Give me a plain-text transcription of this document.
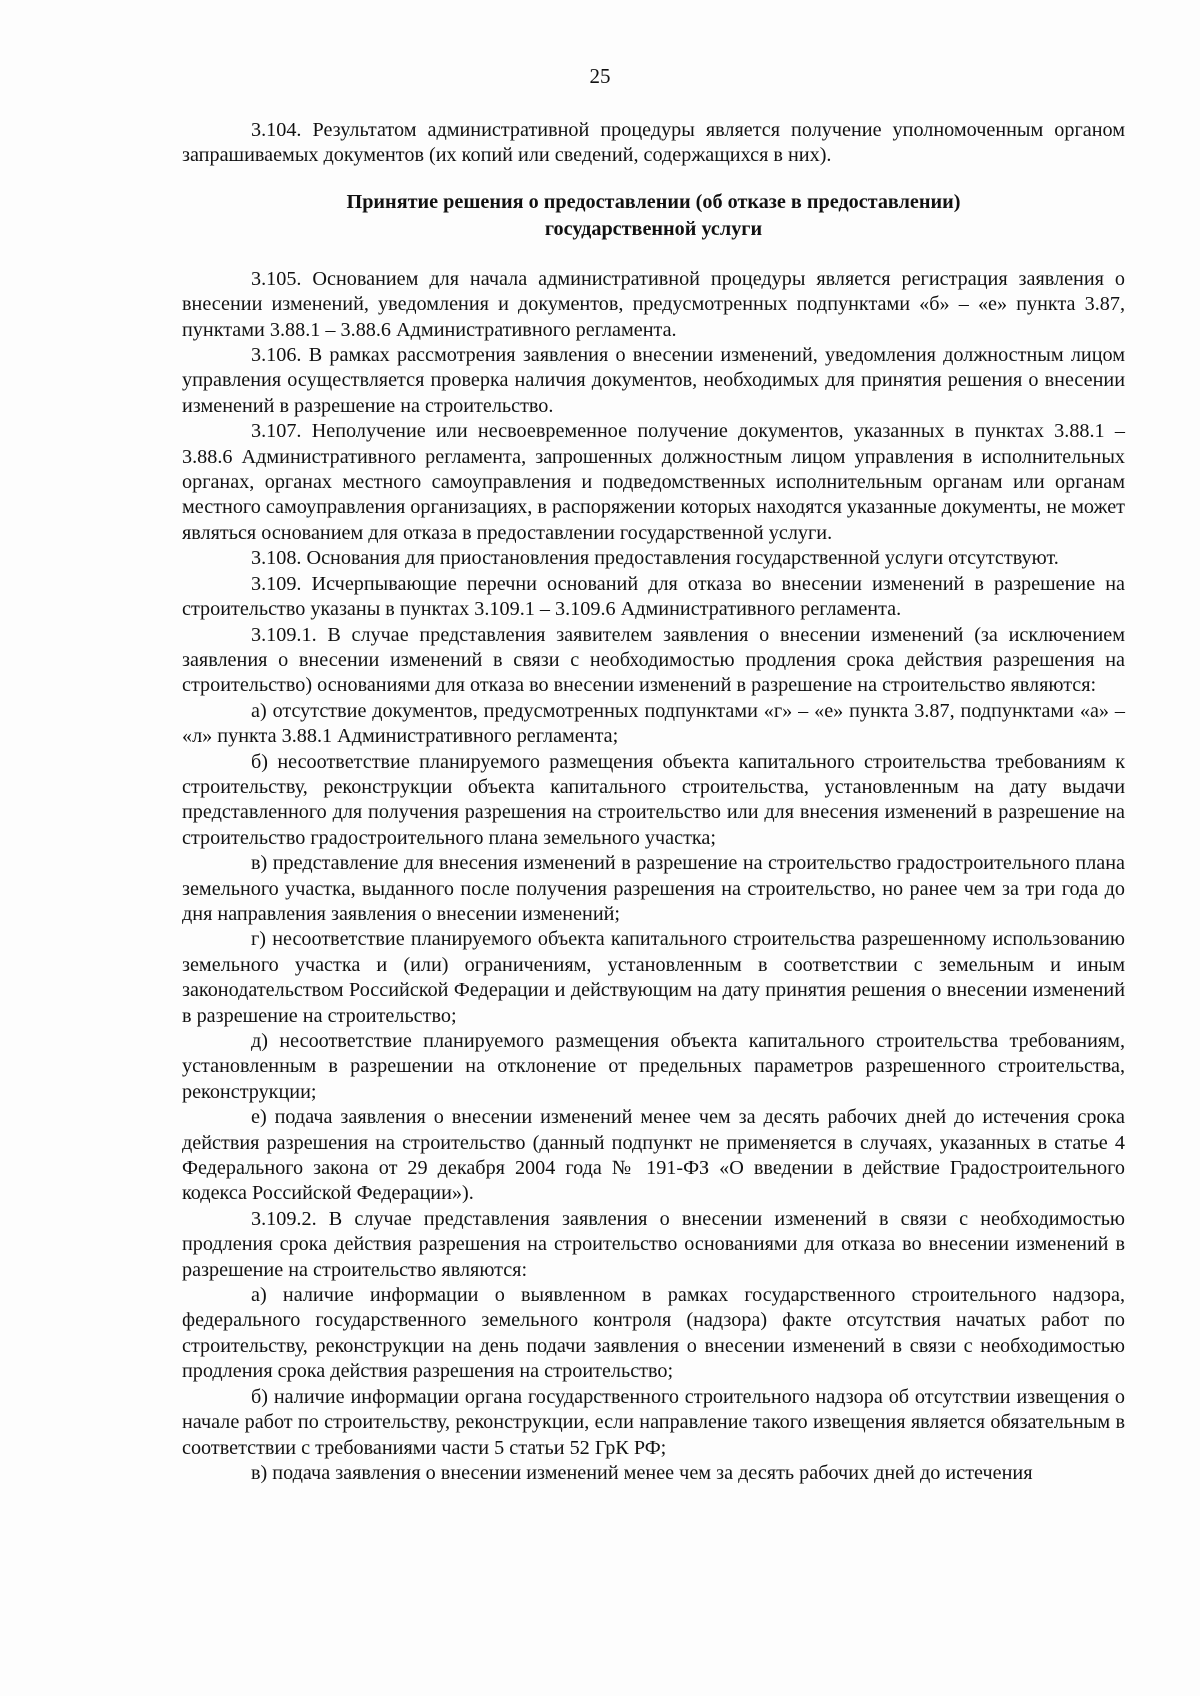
25

3.104. Результатом административной процедуры является получение уполномоченным органом запрашиваемых документов (их копий или сведений, содержащихся в них).

Принятие решения о предоставлении (об отказе в предоставлении)
государственной услуги

3.105. Основанием для начала административной процедуры является регистрация заявления о внесении изменений, уведомления и документов, предусмотренных подпунктами «б» – «е» пункта 3.87, пунктами 3.88.1 – 3.88.6 Административного регламента.

3.106. В рамках рассмотрения заявления о внесении изменений, уведомления должностным лицом управления осуществляется проверка наличия документов, необходимых для принятия решения о внесении изменений в разрешение на строительство.

3.107. Неполучение или несвоевременное получение документов, указанных в пунктах 3.88.1 – 3.88.6 Административного регламента, запрошенных должностным лицом управления в исполнительных органах, органах местного самоуправления и подведомственных исполнительным органам или органам местного самоуправления организациях, в распоряжении которых находятся указанные документы, не может являться основанием для отказа в предоставлении государственной услуги.

3.108. Основания для приостановления предоставления государственной услуги отсутствуют.

3.109. Исчерпывающие перечни оснований для отказа во внесении изменений в разрешение на строительство указаны в пунктах 3.109.1 – 3.109.6 Административного регламента.

3.109.1. В случае представления заявителем заявления о внесении изменений (за исключением заявления о внесении изменений в связи с необходимостью продления срока действия разрешения на строительство) основаниями для отказа во внесении изменений в разрешение на строительство являются:

а) отсутствие документов, предусмотренных подпунктами «г» – «е» пункта 3.87, подпунктами «а» – «л» пункта 3.88.1 Административного регламента;

б) несоответствие планируемого размещения объекта капитального строительства требованиям к строительству, реконструкции объекта капитального строительства, установленным на дату выдачи представленного для получения разрешения на строительство или для внесения изменений в разрешение на строительство градостроительного плана земельного участка;

в) представление для внесения изменений в разрешение на строительство градостроительного плана земельного участка, выданного после получения разрешения на строительство, но ранее чем за три года до дня направления заявления о внесении изменений;

г) несоответствие планируемого объекта капитального строительства разрешенному использованию земельного участка и (или) ограничениям, установленным в соответствии с земельным и иным законодательством Российской Федерации и действующим на дату принятия решения о внесении изменений в разрешение на строительство;

д) несоответствие планируемого размещения объекта капитального строительства требованиям, установленным в разрешении на отклонение от предельных параметров разрешенного строительства, реконструкции;

е) подача заявления о внесении изменений менее чем за десять рабочих дней до истечения срока действия разрешения на строительство (данный подпункт не применяется в случаях, указанных в статье 4 Федерального закона от 29 декабря 2004 года № 191-ФЗ «О введении в действие Градостроительного кодекса Российской Федерации»).

3.109.2. В случае представления заявления о внесении изменений в связи с необходимостью продления срока действия разрешения на строительство основаниями для отказа во внесении изменений в разрешение на строительство являются:

а) наличие информации о выявленном в рамках государственного строительного надзора, федерального государственного земельного контроля (надзора) факте отсутствия начатых работ по строительству, реконструкции на день подачи заявления о внесении изменений в связи с необходимостью продления срока действия разрешения на строительство;

б) наличие информации органа государственного строительного надзора об отсутствии извещения о начале работ по строительству, реконструкции, если направление такого извещения является обязательным в соответствии с требованиями части 5 статьи 52 ГрК РФ;

в) подача заявления о внесении изменений менее чем за десять рабочих дней до истечения
